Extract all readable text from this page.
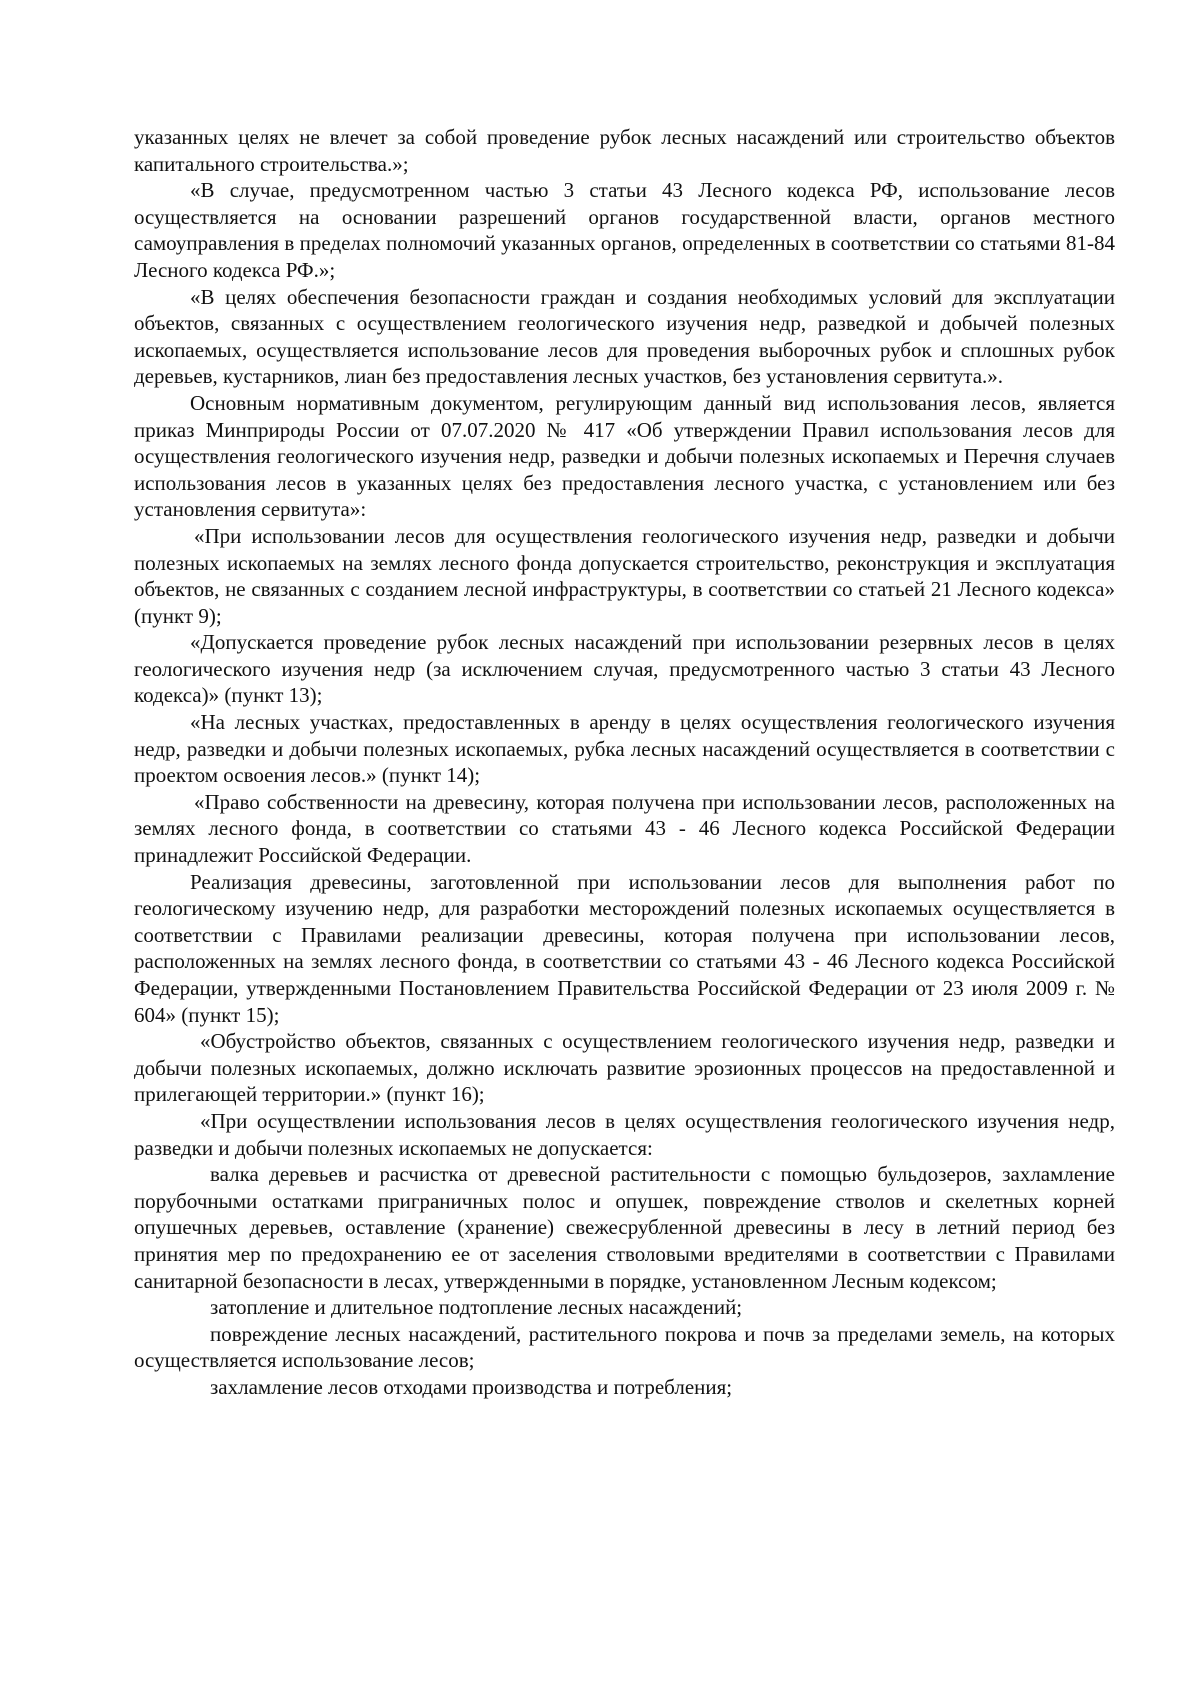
указанных целях не влечет за собой проведение рубок лесных насаждений или строительство объектов капитального строительства.»;

«В случае, предусмотренном частью 3 статьи 43 Лесного кодекса РФ, использование лесов осуществляется на основании разрешений органов государственной власти, органов местного самоуправления в пределах полномочий указанных органов, определенных в соответствии со статьями 81-84 Лесного кодекса РФ.»;

«В целях обеспечения безопасности граждан и создания необходимых условий для эксплуатации объектов, связанных с осуществлением геологического изучения недр, разведкой и добычей полезных ископаемых, осуществляется использование лесов для проведения выборочных рубок и сплошных рубок деревьев, кустарников, лиан без предоставления лесных участков, без установления сервитута.».

Основным нормативным документом, регулирующим данный вид использования лесов, является приказ Минприроды России от 07.07.2020 № 417 «Об утверждении Правил использования лесов для осуществления геологического изучения недр, разведки и добычи полезных ископаемых и Перечня случаев использования лесов в указанных целях без предоставления лесного участка, с установлением или без установления сервитута»:

«При использовании лесов для осуществления геологического изучения недр, разведки и добычи полезных ископаемых на землях лесного фонда допускается строительство, реконструкция и эксплуатация объектов, не связанных с созданием лесной инфраструктуры, в соответствии со статьей 21 Лесного кодекса» (пункт 9);

«Допускается проведение рубок лесных насаждений при использовании резервных лесов в целях геологического изучения недр (за исключением случая, предусмотренного частью 3 статьи 43 Лесного кодекса)» (пункт 13);

«На лесных участках, предоставленных в аренду в целях осуществления геологического изучения недр, разведки и добычи полезных ископаемых, рубка лесных насаждений осуществляется в соответствии с проектом освоения лесов.» (пункт 14);

«Право собственности на древесину, которая получена при использовании лесов, расположенных на землях лесного фонда, в соответствии со статьями 43 - 46 Лесного кодекса Российской Федерации принадлежит Российской Федерации.

Реализация древесины, заготовленной при использовании лесов для выполнения работ по геологическому изучению недр, для разработки месторождений полезных ископаемых осуществляется в соответствии с Правилами реализации древесины, которая получена при использовании лесов, расположенных на землях лесного фонда, в соответствии со статьями 43 - 46 Лесного кодекса Российской Федерации, утвержденными Постановлением Правительства Российской Федерации от 23 июля 2009 г. № 604» (пункт 15);

«Обустройство объектов, связанных с осуществлением геологического изучения недр, разведки и добычи полезных ископаемых, должно исключать развитие эрозионных процессов на предоставленной и прилегающей территории.» (пункт 16);

«При осуществлении использования лесов в целях осуществления геологического изучения недр, разведки и добычи полезных ископаемых не допускается:

валка деревьев и расчистка от древесной растительности с помощью бульдозеров, захламление порубочными остатками приграничных полос и опушек, повреждение стволов и скелетных корней опушечных деревьев, оставление (хранение) свежесрубленной древесины в лесу в летний период без принятия мер по предохранению ее от заселения стволовыми вредителями в соответствии с Правилами санитарной безопасности в лесах, утвержденными в порядке, установленном Лесным кодексом;

затопление и длительное подтопление лесных насаждений;

повреждение лесных насаждений, растительного покрова и почв за пределами земель, на которых осуществляется использование лесов;

захламление лесов отходами производства и потребления;
